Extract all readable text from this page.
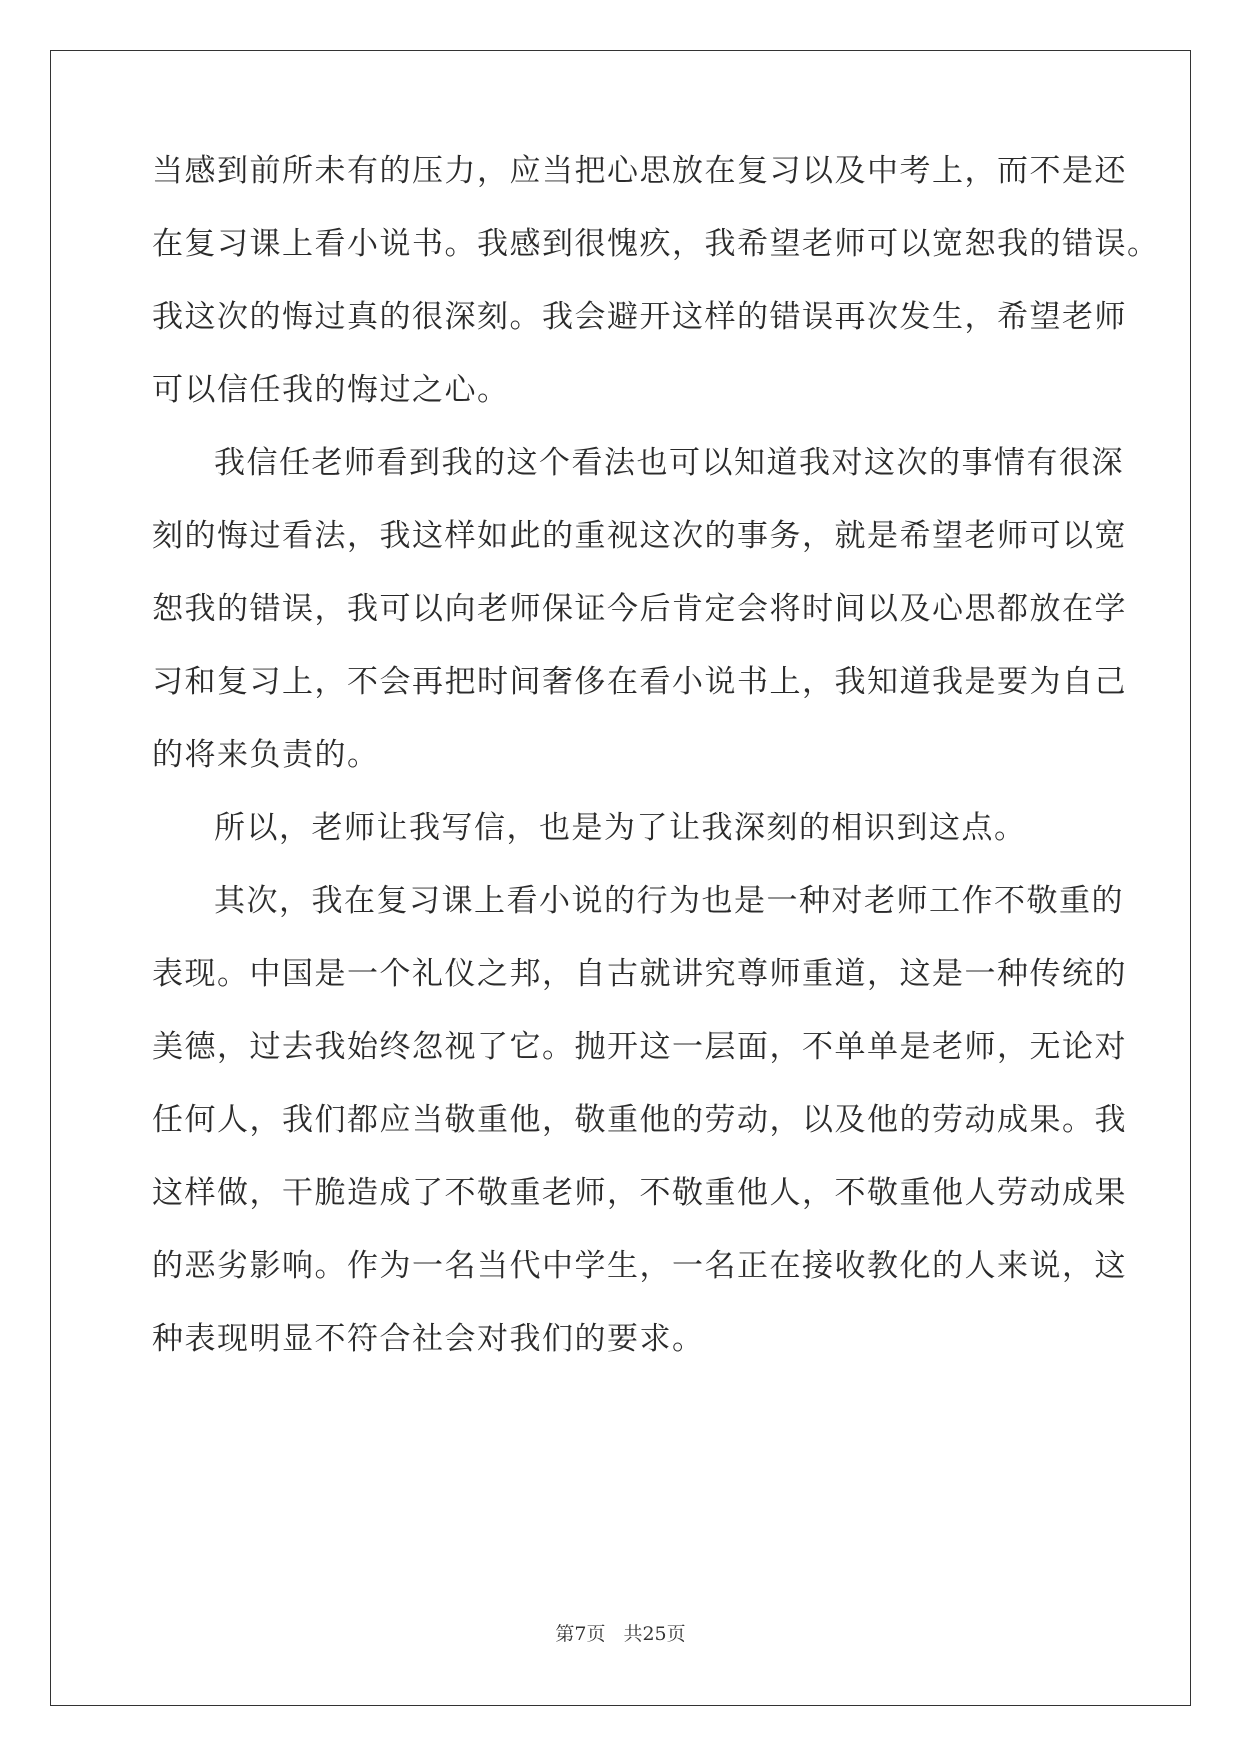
当感到前所未有的压力，应当把心思放在复习以及中考上，而不是还
在复习课上看小说书。我感到很愧疚，我希望老师可以宽恕我的错误。
我这次的悔过真的很深刻。我会避开这样的错误再次发生，希望老师
可以信任我的悔过之心。
我信任老师看到我的这个看法也可以知道我对这次的事情有很深
刻的悔过看法，我这样如此的重视这次的事务，就是希望老师可以宽
恕我的错误，我可以向老师保证今后肯定会将时间以及心思都放在学
习和复习上，不会再把时间奢侈在看小说书上，我知道我是要为自己
的将来负责的。
所以，老师让我写信，也是为了让我深刻的相识到这点。
其次，我在复习课上看小说的行为也是一种对老师工作不敬重的
表现。中国是一个礼仪之邦，自古就讲究尊师重道，这是一种传统的
美德，过去我始终忽视了它。抛开这一层面，不单单是老师，无论对
任何人，我们都应当敬重他，敬重他的劳动，以及他的劳动成果。我
这样做，干脆造成了不敬重老师，不敬重他人，不敬重他人劳动成果
的恶劣影响。作为一名当代中学生，一名正在接收教化的人来说，这
种表现明显不符合社会对我们的要求。
第7页 共25页
